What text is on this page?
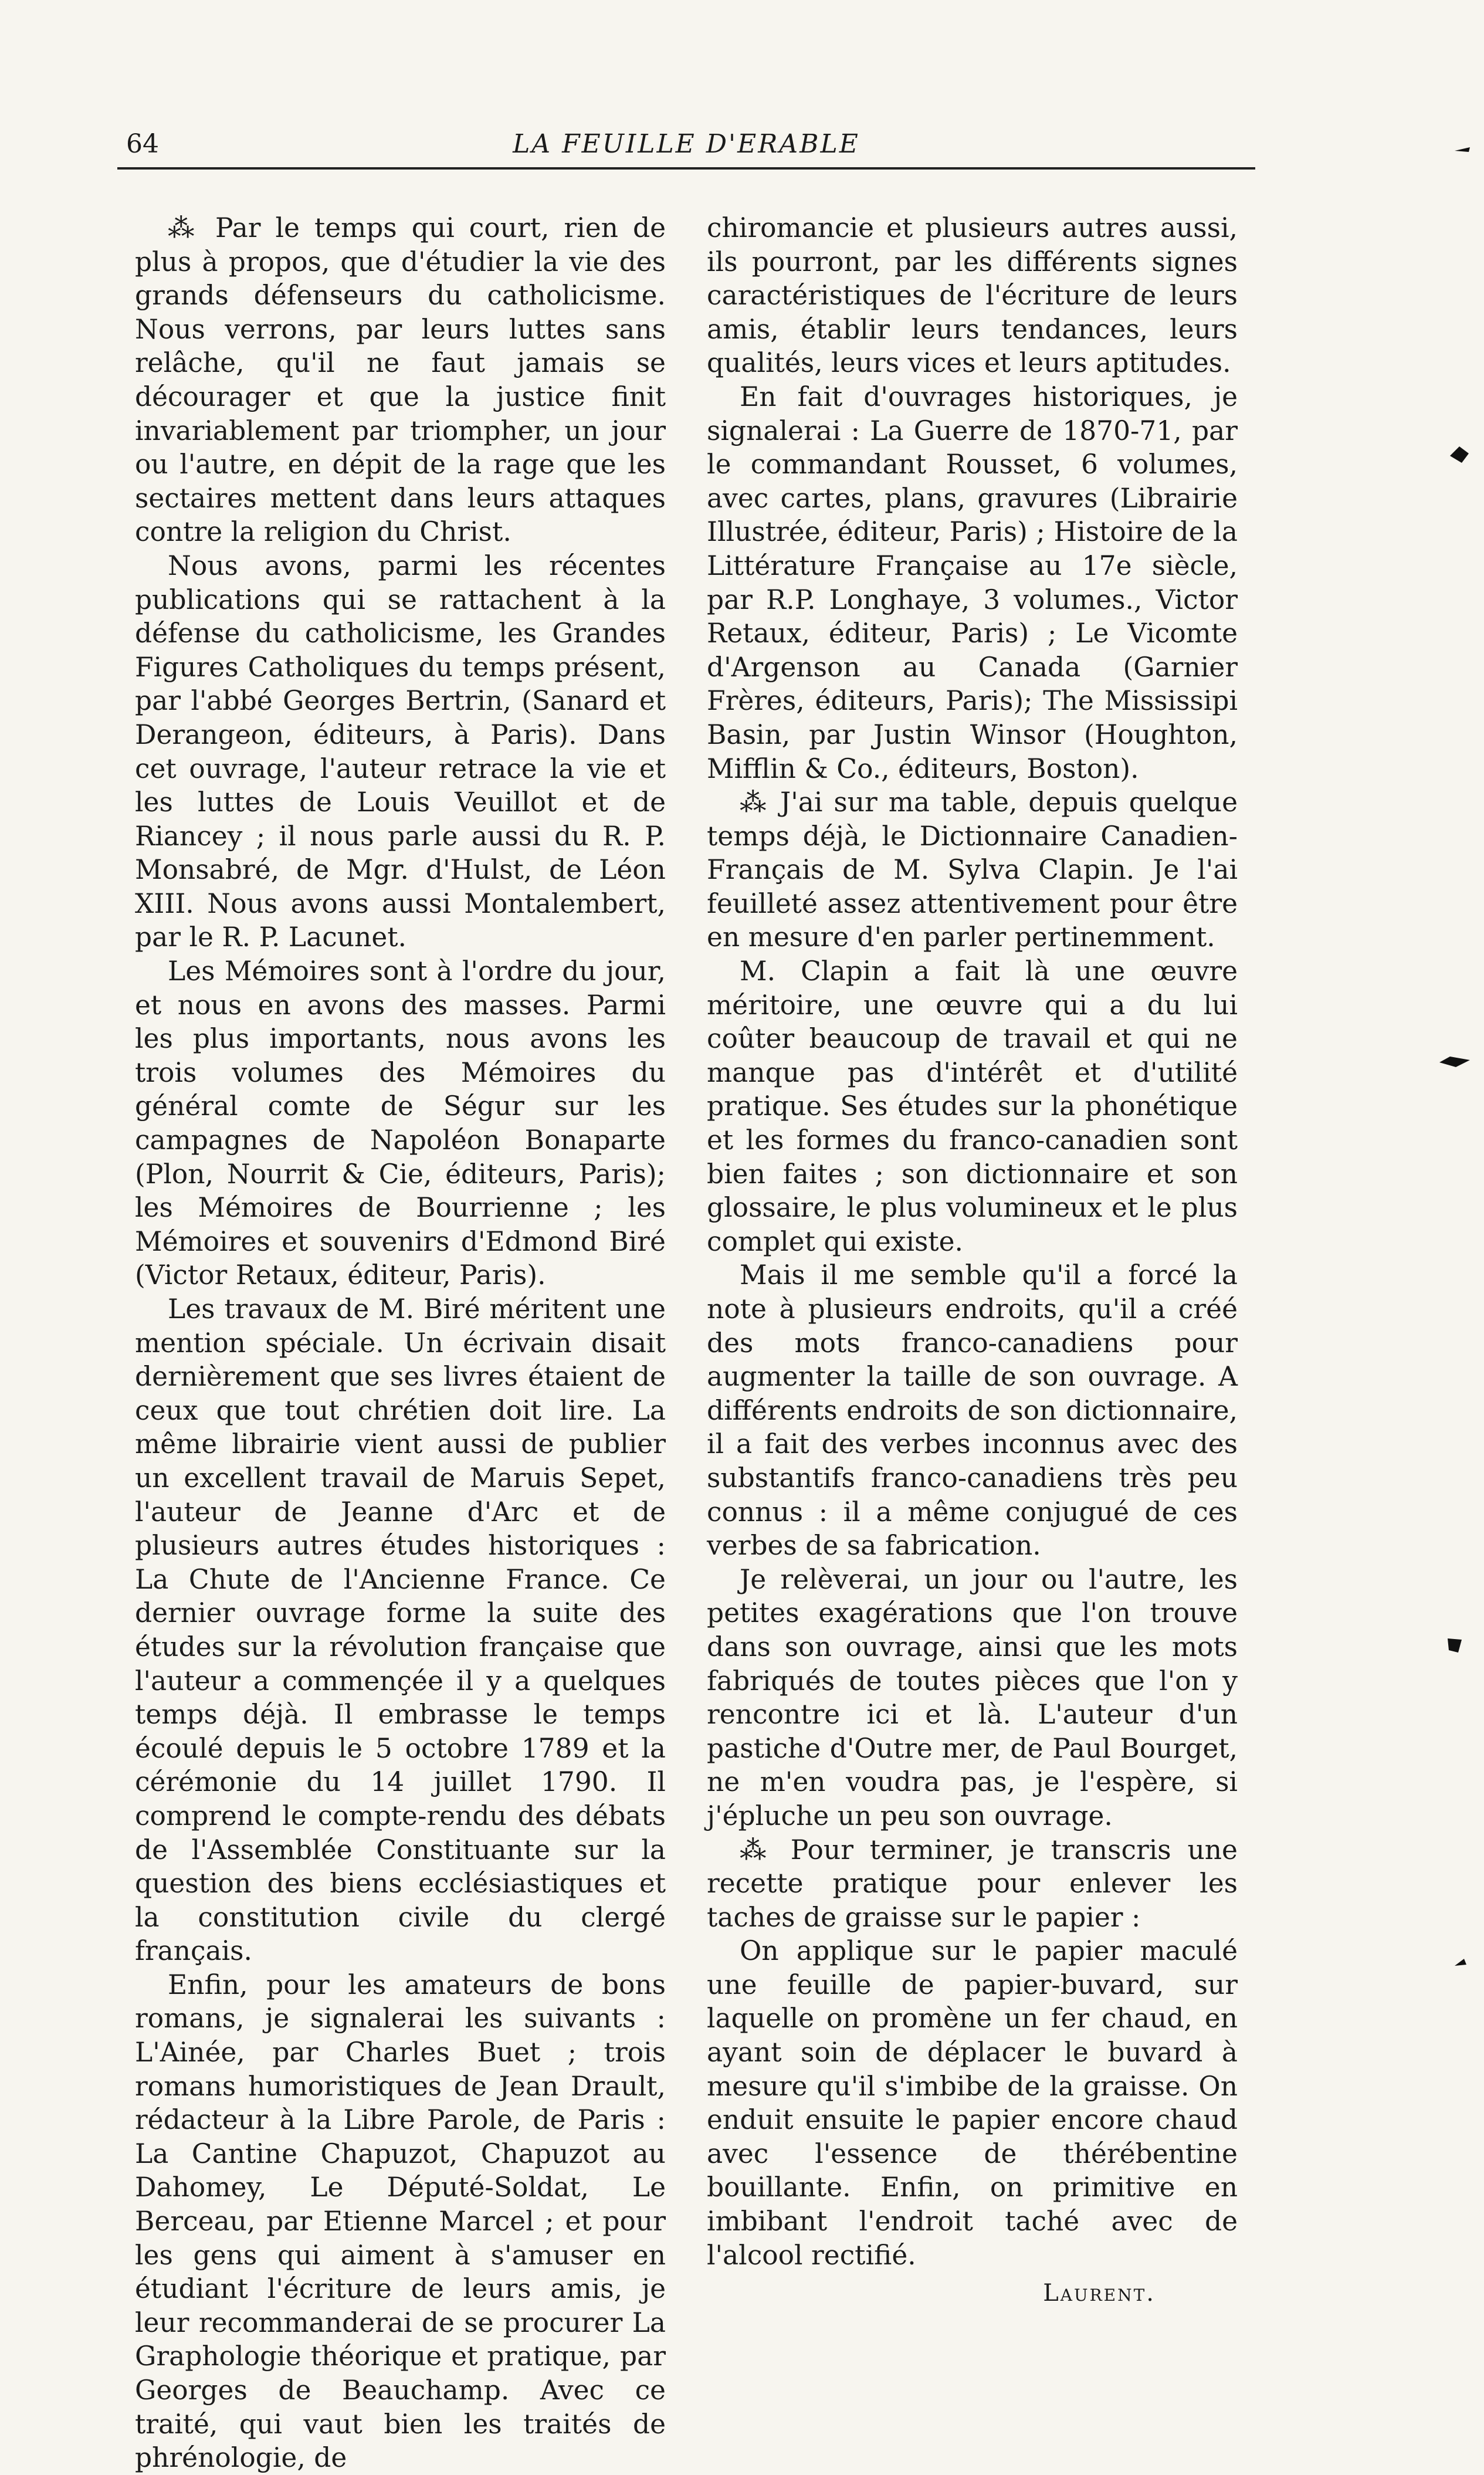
64	LA FEUILLE D'ERABLE

⁂ Par le temps qui court, rien de plus à propos, que d'étudier la vie des grands défenseurs du catholicisme. Nous verrons, par leurs luttes sans relâche, qu'il ne faut jamais se décourager et que la justice finit invariablement par triompher, un jour ou l'autre, en dépit de la rage que les sectaires mettent dans leurs attaques contre la religion du Christ.

Nous avons, parmi les récentes publications qui se rattachent à la défense du catholicisme, les Grandes Figures Catholiques du temps présent, par l'abbé Georges Bertrin, (Sanard et Derangeon, éditeurs, à Paris). Dans cet ouvrage, l'auteur retrace la vie et les luttes de Louis Veuillot et de Riancey ; il nous parle aussi du R. P. Monsabré, de Mgr. d'Hulst, de Léon XIII. Nous avons aussi Montalembert, par le R. P. Lacunet.

Les Mémoires sont à l'ordre du jour, et nous en avons des masses. Parmi les plus importants, nous avons les trois volumes des Mémoires du général comte de Ségur sur les campagnes de Napoléon Bonaparte (Plon, Nourrit & Cie, éditeurs, Paris); les Mémoires de Bourrienne ; les Mémoires et souvenirs d'Edmond Biré (Victor Retaux, éditeur, Paris).

Les travaux de M. Biré méritent une mention spéciale. Un écrivain disait dernièrement que ses livres étaient de ceux que tout chrétien doit lire. La même librairie vient aussi de publier un excellent travail de Maruis Sepet, l'auteur de Jeanne d'Arc et de plusieurs autres études historiques : La Chute de l'Ancienne France. Ce dernier ouvrage forme la suite des études sur la révolution française que l'auteur a commençée il y a quelques temps déjà. Il embrasse le temps écoulé depuis le 5 octobre 1789 et la cérémonie du 14 juillet 1790. Il comprend le compte-rendu des débats de l'Assemblée Constituante sur la question des biens ecclésiastiques et la constitution civile du clergé français.

Enfin, pour les amateurs de bons romans, je signalerai les suivants : L'Ainée, par Charles Buet ; trois romans humoristiques de Jean Drault, rédacteur à la Libre Parole, de Paris : La Cantine Chapuzot, Chapuzot au Dahomey, Le Député-Soldat, Le Berceau, par Etienne Marcel ; et pour les gens qui aiment à s'amuser en étudiant l'écriture de leurs amis, je leur recommanderai de se procurer La Graphologie théorique et pratique, par Georges de Beauchamp. Avec ce traité, qui vaut bien les traités de phrénologie, de

chiromancie et plusieurs autres aussi, ils pourront, par les différents signes caractéristiques de l'écriture de leurs amis, établir leurs tendances, leurs qualités, leurs vices et leurs aptitudes.

En fait d'ouvrages historiques, je signalerai : La Guerre de 1870-71, par le commandant Rousset, 6 volumes, avec cartes, plans, gravures (Librairie Illustrée, éditeur, Paris) ; Histoire de la Littérature Française au 17e siècle, par R.P. Longhaye, 3 volumes., Victor Retaux, éditeur, Paris) ; Le Vicomte d'Argenson au Canada (Garnier Frères, éditeurs, Paris); The Mississipi Basin, par Justin Winsor (Houghton, Mifflin & Co., éditeurs, Boston).

⁂ J'ai sur ma table, depuis quelque temps déjà, le Dictionnaire Canadien-Français de M. Sylva Clapin. Je l'ai feuilleté assez attentivement pour être en mesure d'en parler pertinemment.

M. Clapin a fait là une œuvre méritoire, une œuvre qui a du lui coûter beaucoup de travail et qui ne manque pas d'intérêt et d'utilité pratique. Ses études sur la phonétique et les formes du franco-canadien sont bien faites ; son dictionnaire et son glossaire, le plus volumineux et le plus complet qui existe.

Mais il me semble qu'il a forcé la note à plusieurs endroits, qu'il a créé des mots franco-canadiens pour augmenter la taille de son ouvrage. A différents endroits de son dictionnaire, il a fait des verbes inconnus avec des substantifs franco-canadiens très peu connus : il a même conjugué de ces verbes de sa fabrication.

Je relèverai, un jour ou l'autre, les petites exagérations que l'on trouve dans son ouvrage, ainsi que les mots fabriqués de toutes pièces que l'on y rencontre ici et là. L'auteur d'un pastiche d'Outre mer, de Paul Bourget, ne m'en voudra pas, je l'espère, si j'épluche un peu son ouvrage.

⁂ Pour terminer, je transcris une recette pratique pour enlever les taches de graisse sur le papier :

On applique sur le papier maculé une feuille de papier-buvard, sur laquelle on promène un fer chaud, en ayant soin de déplacer le buvard à mesure qu'il s'imbibe de la graisse. On enduit ensuite le papier encore chaud avec l'essence de thérébentine bouillante. Enfin, on primitive en imbibant l'endroit taché avec de l'alcool rectifié.

Laurent.
